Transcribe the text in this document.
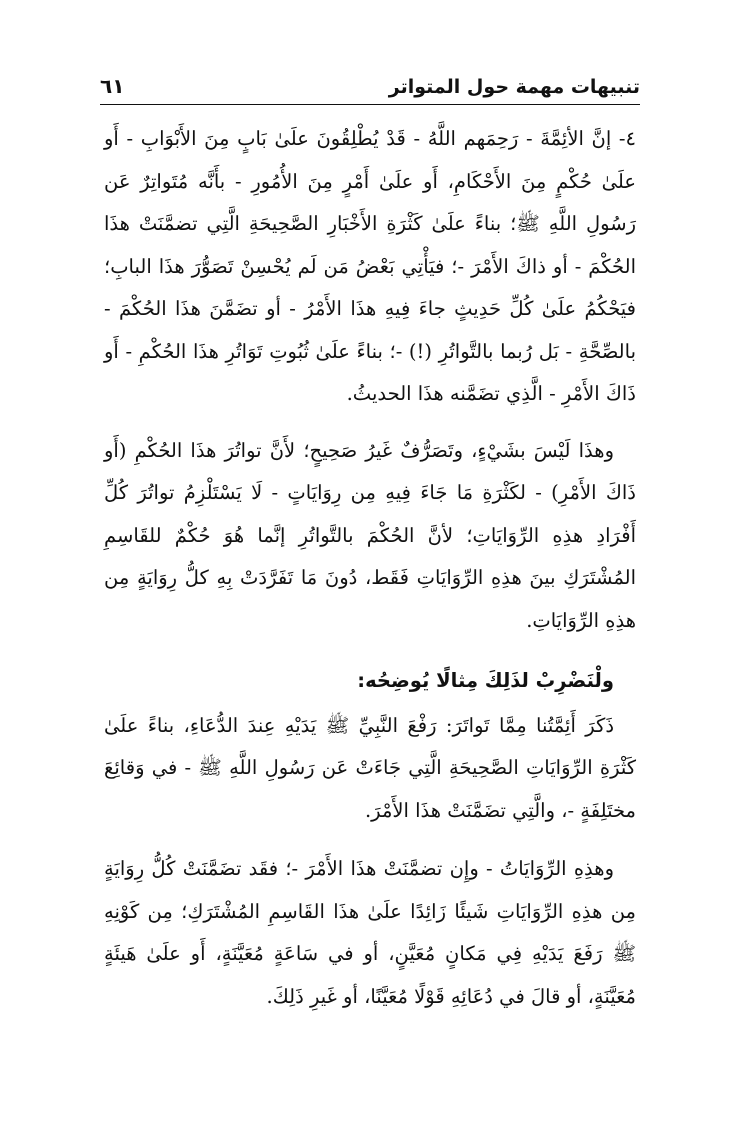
تنبيهات مهمة حول المتواتر
٦١

٤- إنَّ الأئِمَّةَ - رَحِمَهم اللَّهُ - قَدْ يُطْلِقُونَ علَىٰ بَابٍ مِنَ الأَبْوَابِ - أَو علَىٰ حُكْمٍ مِنَ الأَحْكَامِ، أَو علَىٰ أَمْرٍ مِنَ الأُمُورِ - بأَنَّه مُتَواتِرٌ عَن رَسُولِ اللَّهِ ﷺ؛ بناءً علَىٰ كَثْرَةِ الأَخْبَارِ الصَّحِيحَةِ الَّتِي تضمَّنَتْ هذَا الحُكْمَ - أو ذاكَ الأَمْرَ -؛ فيَأْتِي بَعْضُ مَن لَم يُحْسِنْ تَصَوُّرَ هذَا البابِ؛ فيَحْكُمُ علَىٰ كُلِّ حَدِيثٍ جاءَ فِيهِ هذَا الأَمْرُ - أو تضَمَّنَ هذَا الحُكْمَ - بالصِّحَّةِ - بَل رُبما بالتَّواتُرِ (!) -؛ بناءً علَىٰ ثُبُوتِ تَوَاتُرِ هذَا الحُكْمِ - أَو ذَاكَ الأَمْرِ - الَّذِي تضَمَّنه هذَا الحديثُ.

وهذَا لَيْسَ بشَيْءٍ، وتَصَرُّفٌ غَيرُ صَحِيحٍ؛ لأَنَّ تواتُرَ هذَا الحُكْمِ (أَو ذَاكَ الأَمْرِ) - لكَثْرَةِ مَا جَاءَ فِيهِ مِن رِوَايَاتٍ - لَا يَسْتَلْزِمُ تواتُرَ كُلِّ أَفْرَادِ هذِهِ الرِّوَايَاتِ؛ لأنَّ الحُكْمَ بالتَّواتُرِ إنَّما هُوَ حُكْمٌ للقَاسِمِ المُشْتَرَكِ بينَ هذِهِ الرِّوَايَاتِ فَقَط، دُونَ مَا تَفَرَّدَتْ بِهِ كلُّ رِوَايَةٍ مِن هذِهِ الرِّوَايَاتِ.

ولْنَضْرِبْ لذَلِكَ مِثالًا يُوضِحُه:

ذَكَرَ أَئِمَّتُنا مِمَّا تَواتَرَ: رَفْعَ النَّبِيِّ ﷺ يَدَيْهِ عِندَ الدُّعَاءِ، بناءً علَىٰ كَثْرَةِ الرِّوَايَاتِ الصَّحِيحَةِ الَّتِي جَاءَتْ عَن رَسُولِ اللَّهِ ﷺ - في وَقائِعَ مختَلِفَةٍ -، والَّتِي تضَمَّنَتْ هذَا الأَمْرَ.

وهذِهِ الرِّوَايَاتُ - وإِن تضمَّنَتْ هذَا الأَمْرَ -؛ فقَد تضَمَّنَتْ كُلُّ رِوَايَةٍ مِن هذِهِ الرِّوَايَاتِ شَيئًا زَائِدًا علَىٰ هذَا القَاسِمِ المُشْتَرَكِ؛ مِن كَوْنِهِ ﷺ رَفَعَ يَدَيْهِ فِي مَكانٍ مُعَيَّنٍ، أو في سَاعَةٍ مُعَيَّنَةٍ، أَو علَىٰ هَيئَةٍ مُعَيَّنَةٍ، أو قالَ في دُعَائِهِ قَوْلًا مُعَيَّنًا، أو غَيرِ ذَلِكَ.
